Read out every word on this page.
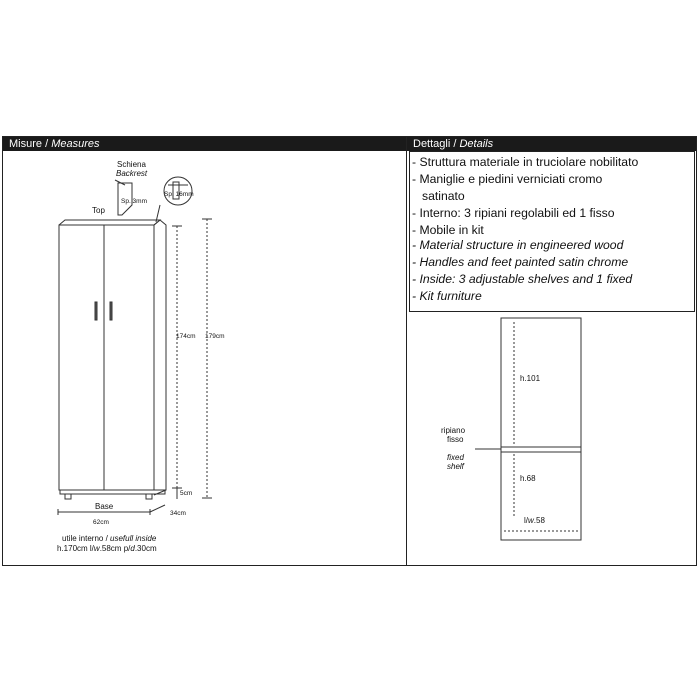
Misure / Measures	Dettagli / Details
- Struttura materiale in truciolare nobilitato
- Maniglie e piedini verniciati cromo
satinato
- Interno: 3 ripiani regolabili ed 1 fisso
- Mobile in kit
- Material structure in engineered wood
- Handles and feet painted satin chrome
- Inside: 3 adjustable shelves and 1 fixed
- Kit furniture
Schiena
Backrest
Sp. 3mm
Sp. 16mm
Top
174cm 179cm
5cm
Base
62cm
34cm
utile interno / usefull inside
h.170cm l/w.58cm p/d.30cm
h.101
h.68
l/w.58
ripiano
fisso
fixed
shelf
